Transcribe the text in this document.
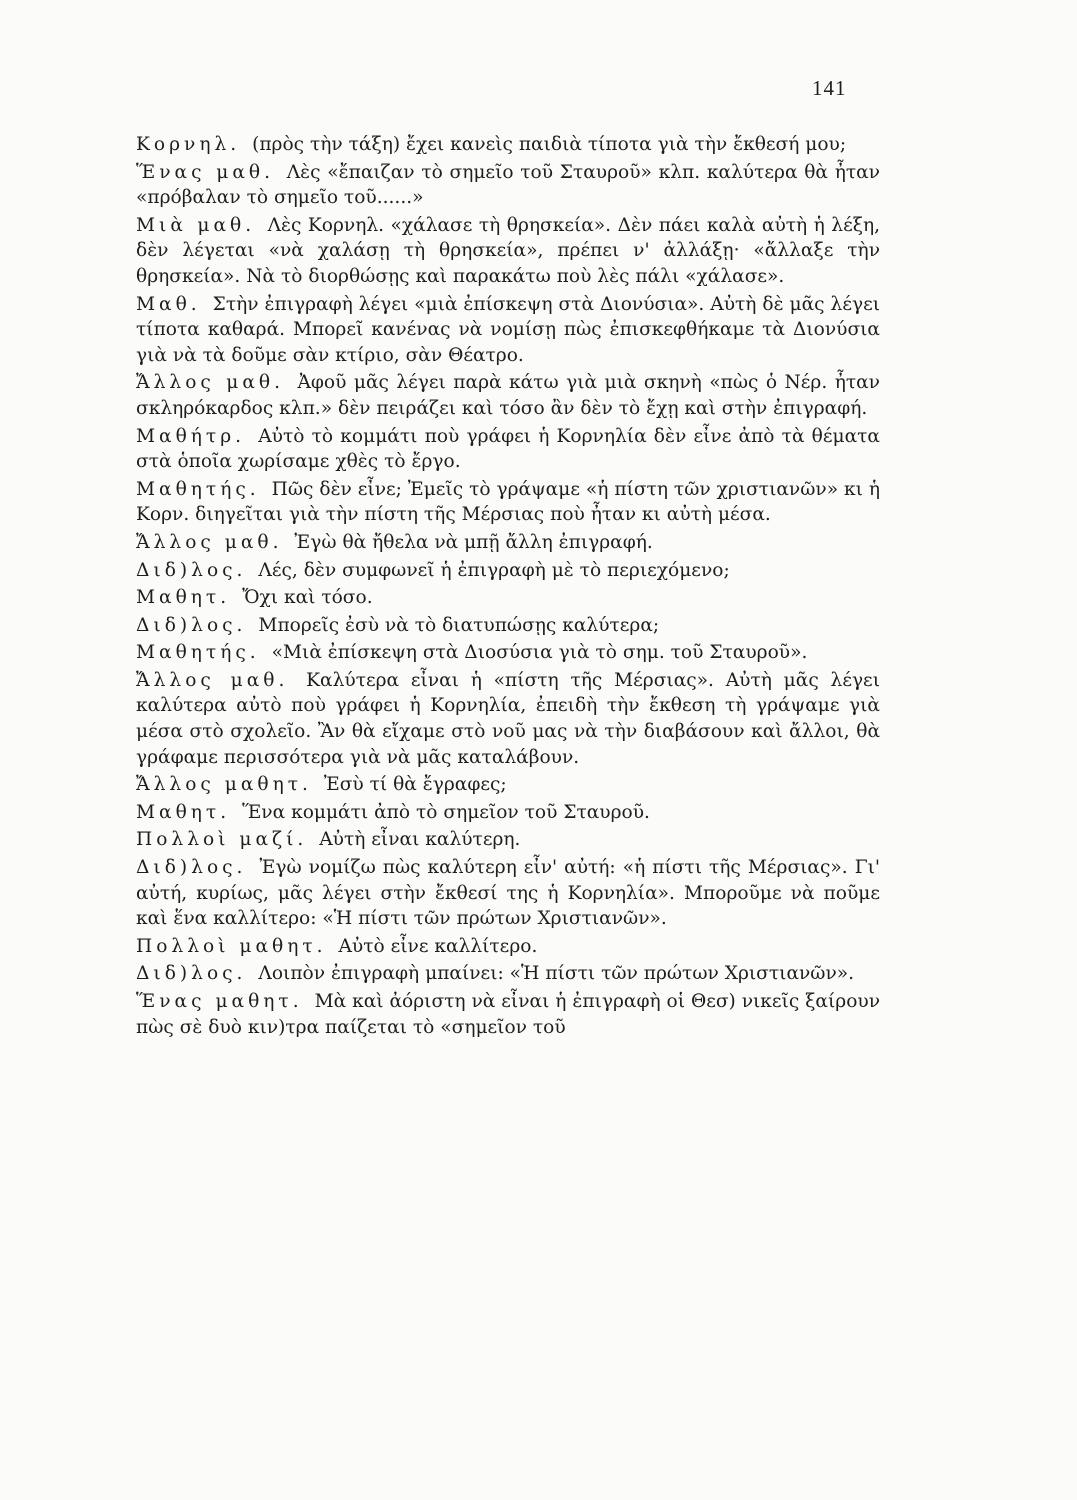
141

Κορνηλ. (πρὸς τὴν τάξη) ἔχει κανεὶς παιδιὰ τίποτα γιὰ τὴν ἔκθεσή μου;

Ἕνας μαθ. Λὲς «ἔπαιζαν τὸ σημεῖο τοῦ Σταυροῦ» κλπ. καλύτερα θὰ ἦταν «πρόβαλαν τὸ σημεῖο τοῦ......»

Μιὰ μαθ. Λὲς Κορνηλ. «χάλασε τὴ θρησκεία». Δὲν πάει καλὰ αὐτὴ ἡ λέξη, δὲν λέγεται «νὰ χαλάσῃ τὴ θρησκεία», πρέπει ν' ἀλλάξῃ· «ἄλλαξε τὴν θρησκεία». Νὰ τὸ διορθώσῃς καὶ παρακάτω ποὺ λὲς πάλι «χάλασε».

Μαθ. Στὴν ἐπιγραφὴ λέγει «μιὰ ἐπίσκεψη στὰ Διονύσια». Αὐτὴ δὲ μᾶς λέγει τίποτα καθαρά. Μπορεῖ κανένας νὰ νομίσῃ πὼς ἐπισκεφθήκαμε τὰ Διονύσια γιὰ νὰ τὰ δοῦμε σὰν κτίριο, σὰν Θέατρο.

Ἄλλος μαθ. Ἀφοῦ μᾶς λέγει παρὰ κάτω γιὰ μιὰ σκηνὴ «πὼς ὁ Νέρ. ἦταν σκληρόκαρδος κλπ.» δὲν πειράζει καὶ τόσο ἂν δὲν τὸ ἔχῃ καὶ στὴν ἐπιγραφή.

Μαθήτρ. Αὐτὸ τὸ κομμάτι ποὺ γράφει ἡ Κορνηλία δὲν εἶνε ἀπὸ τὰ θέματα στὰ ὁποῖα χωρίσαμε χθὲς τὸ ἔργο.

Μαθητής. Πῶς δὲν εἶνε; Ἐμεῖς τὸ γράψαμε «ἡ πίστη τῶν χριστιανῶν» κι ἡ Κορν. διηγεῖται γιὰ τὴν πίστη τῆς Μέρσιας ποὺ ἦταν κι αὐτὴ μέσα.

Ἄλλος μαθ. Ἐγὼ θὰ ἤθελα νὰ μπῇ ἄλλη ἐπιγραφή.

Διδ)λος. Λές, δὲν συμφωνεῖ ἡ ἐπιγραφὴ μὲ τὸ περιεχόμενο;

Μαθητ. Ὄχι καὶ τόσο.

Διδ)λος. Μπορεῖς ἐσὺ νὰ τὸ διατυπώσῃς καλύτερα;

Μαθητής. «Μιὰ ἐπίσκεψη στὰ Διοσύσια γιὰ τὸ σημ. τοῦ Σταυροῦ».

Ἄλλος μαθ. Καλύτερα εἶναι ἡ «πίστη τῆς Μέρσιας». Αὐτὴ μᾶς λέγει καλύτερα αὐτὸ ποὺ γράφει ἡ Κορνηλία, ἐπειδὴ τὴν ἔκθεση τὴ γράψαμε γιὰ μέσα στὸ σχολεῖο. Ἂν θὰ εἴχαμε στὸ νοῦ μας νὰ τὴν διαβάσουν καὶ ἄλλοι, θὰ γράφαμε περισσότερα γιὰ νὰ μᾶς καταλάβουν.

Ἄλλος μαθητ. Ἐσὺ τί θὰ ἔγραφες;

Μαθητ. Ἕνα κομμάτι ἀπὸ τὸ σημεῖον τοῦ Σταυροῦ.

Πολλοὶ μαζί. Αὐτὴ εἶναι καλύτερη.

Διδ)λος. Ἐγὼ νομίζω πὼς καλύτερη εἶν' αὐτή: «ἡ πίστι τῆς Μέρσιας». Γι' αὐτή, κυρίως, μᾶς λέγει στὴν ἔκθεσί της ἡ Κορνηλία». Μποροῦμε νὰ ποῦμε καὶ ἕνα καλλίτερο: «Ἡ πίστι τῶν πρώτων Χριστιανῶν».

Πολλοὶ μαθητ. Αὐτὸ εἶνε καλλίτερο.

Διδ)λος. Λοιπὸν ἐπιγραφὴ μπαίνει: «Ἡ πίστι τῶν πρώτων Χριστιανῶν».

Ἕνας μαθητ. Μὰ καὶ ἀόριστη νὰ εἶναι ἡ ἐπιγραφὴ οἱ Θεσ) νικεῖς ξαίρουν πὼς σὲ δυὸ κιν)τρα παίζεται τὸ «σημεῖον τοῦ
